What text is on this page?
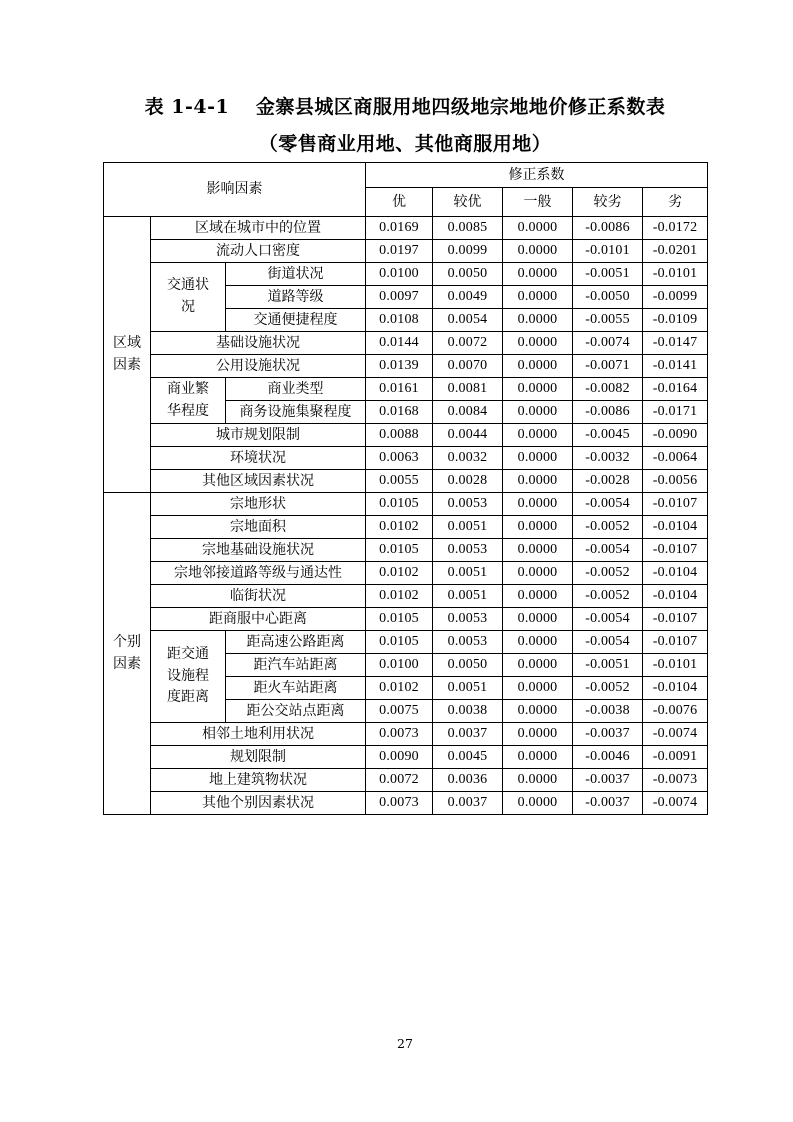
表 1-4-1　 金寨县城区商服用地四级地宗地地价修正系数表
（零售商业用地、其他商服用地）
影响因素			修正系数				
			优	较优	一般	较劣	劣
区域因素	区域在城市中的位置		0.0169	0.0085	0.0000	-0.0086	-0.0172
	流动人口密度		0.0197	0.0099	0.0000	-0.0101	-0.0201
	交通状况	街道状况	0.0100	0.0050	0.0000	-0.0051	-0.0101
		道路等级	0.0097	0.0049	0.0000	-0.0050	-0.0099
		交通便捷程度	0.0108	0.0054	0.0000	-0.0055	-0.0109
	基础设施状况		0.0144	0.0072	0.0000	-0.0074	-0.0147
	公用设施状况		0.0139	0.0070	0.0000	-0.0071	-0.0141
	商业繁华程度	商业类型	0.0161	0.0081	0.0000	-0.0082	-0.0164
		商务设施集聚程度	0.0168	0.0084	0.0000	-0.0086	-0.0171
	城市规划限制		0.0088	0.0044	0.0000	-0.0045	-0.0090
	环境状况		0.0063	0.0032	0.0000	-0.0032	-0.0064
	其他区域因素状况		0.0055	0.0028	0.0000	-0.0028	-0.0056
个别因素	宗地形状		0.0105	0.0053	0.0000	-0.0054	-0.0107
	宗地面积		0.0102	0.0051	0.0000	-0.0052	-0.0104
	宗地基础设施状况		0.0105	0.0053	0.0000	-0.0054	-0.0107
	宗地邻接道路等级与通达性		0.0102	0.0051	0.0000	-0.0052	-0.0104
	临街状况		0.0102	0.0051	0.0000	-0.0052	-0.0104
	距商服中心距离		0.0105	0.0053	0.0000	-0.0054	-0.0107
	距交通设施程度距离	距高速公路距离	0.0105	0.0053	0.0000	-0.0054	-0.0107
		距汽车站距离	0.0100	0.0050	0.0000	-0.0051	-0.0101
		距火车站距离	0.0102	0.0051	0.0000	-0.0052	-0.0104
		距公交站点距离	0.0075	0.0038	0.0000	-0.0038	-0.0076
	相邻土地利用状况		0.0073	0.0037	0.0000	-0.0037	-0.0074
	规划限制		0.0090	0.0045	0.0000	-0.0046	-0.0091
	地上建筑物状况		0.0072	0.0036	0.0000	-0.0037	-0.0073
	其他个别因素状况		0.0073	0.0037	0.0000	-0.0037	-0.0074
27
